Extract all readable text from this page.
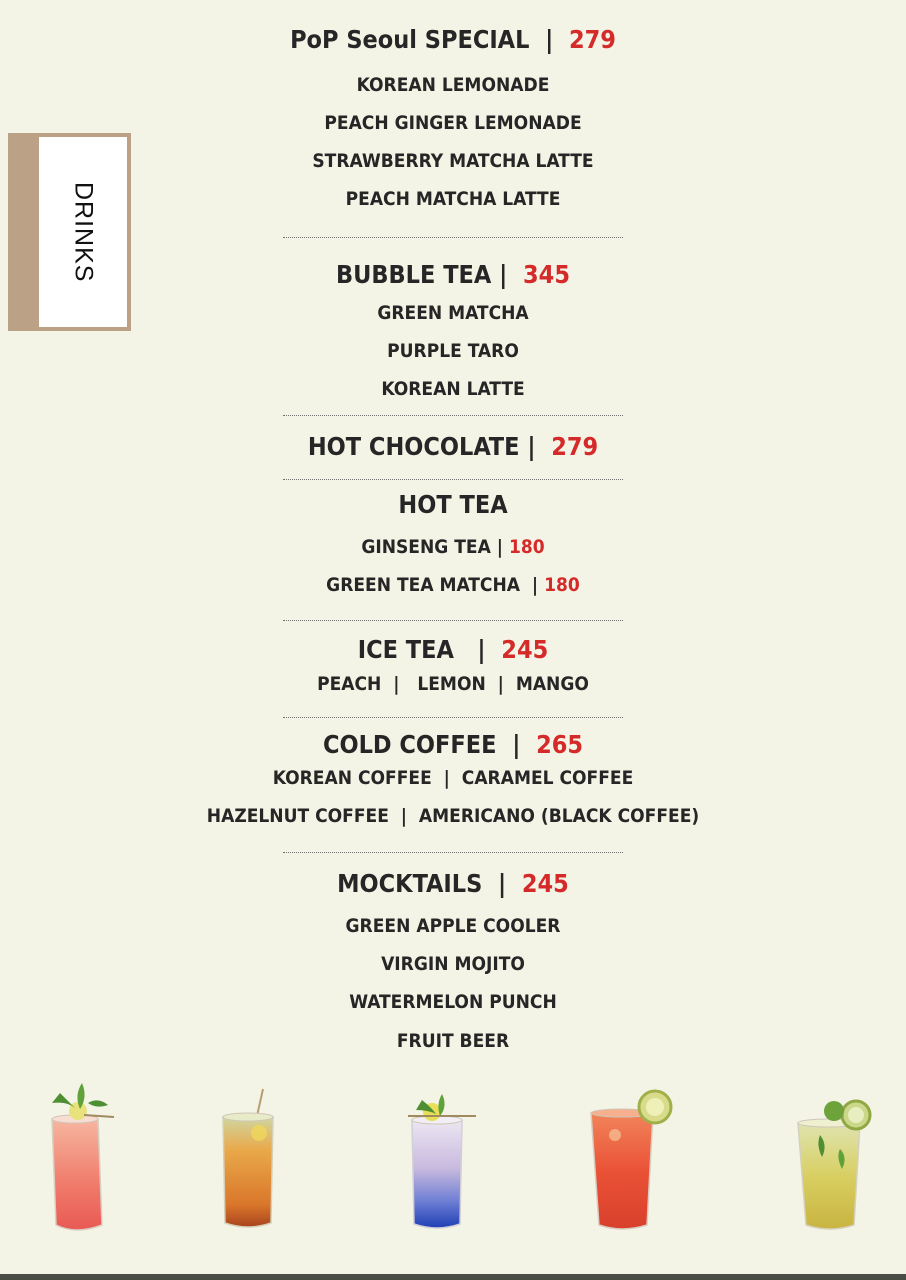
DRINKS
PoP Seoul SPECIAL | 279
KOREAN LEMONADE
PEACH GINGER LEMONADE
STRAWBERRY MATCHA LATTE
PEACH MATCHA LATTE
BUBBLE TEA | 345
GREEN MATCHA
PURPLE TARO
KOREAN LATTE
HOT CHOCOLATE | 279
HOT TEA
GINSENG TEA | 180
GREEN TEA MATCHA | 180
ICE TEA | 245
PEACH  |   LEMON  |  MANGO
COLD COFFEE | 265
KOREAN COFFEE  |  CARAMEL COFFEE
HAZELNUT COFFEE  |  AMERICANO (BLACK COFFEE)
MOCKTAILS | 245
GREEN APPLE COOLER
VIRGIN MOJITO
WATERMELON PUNCH
FRUIT BEER
